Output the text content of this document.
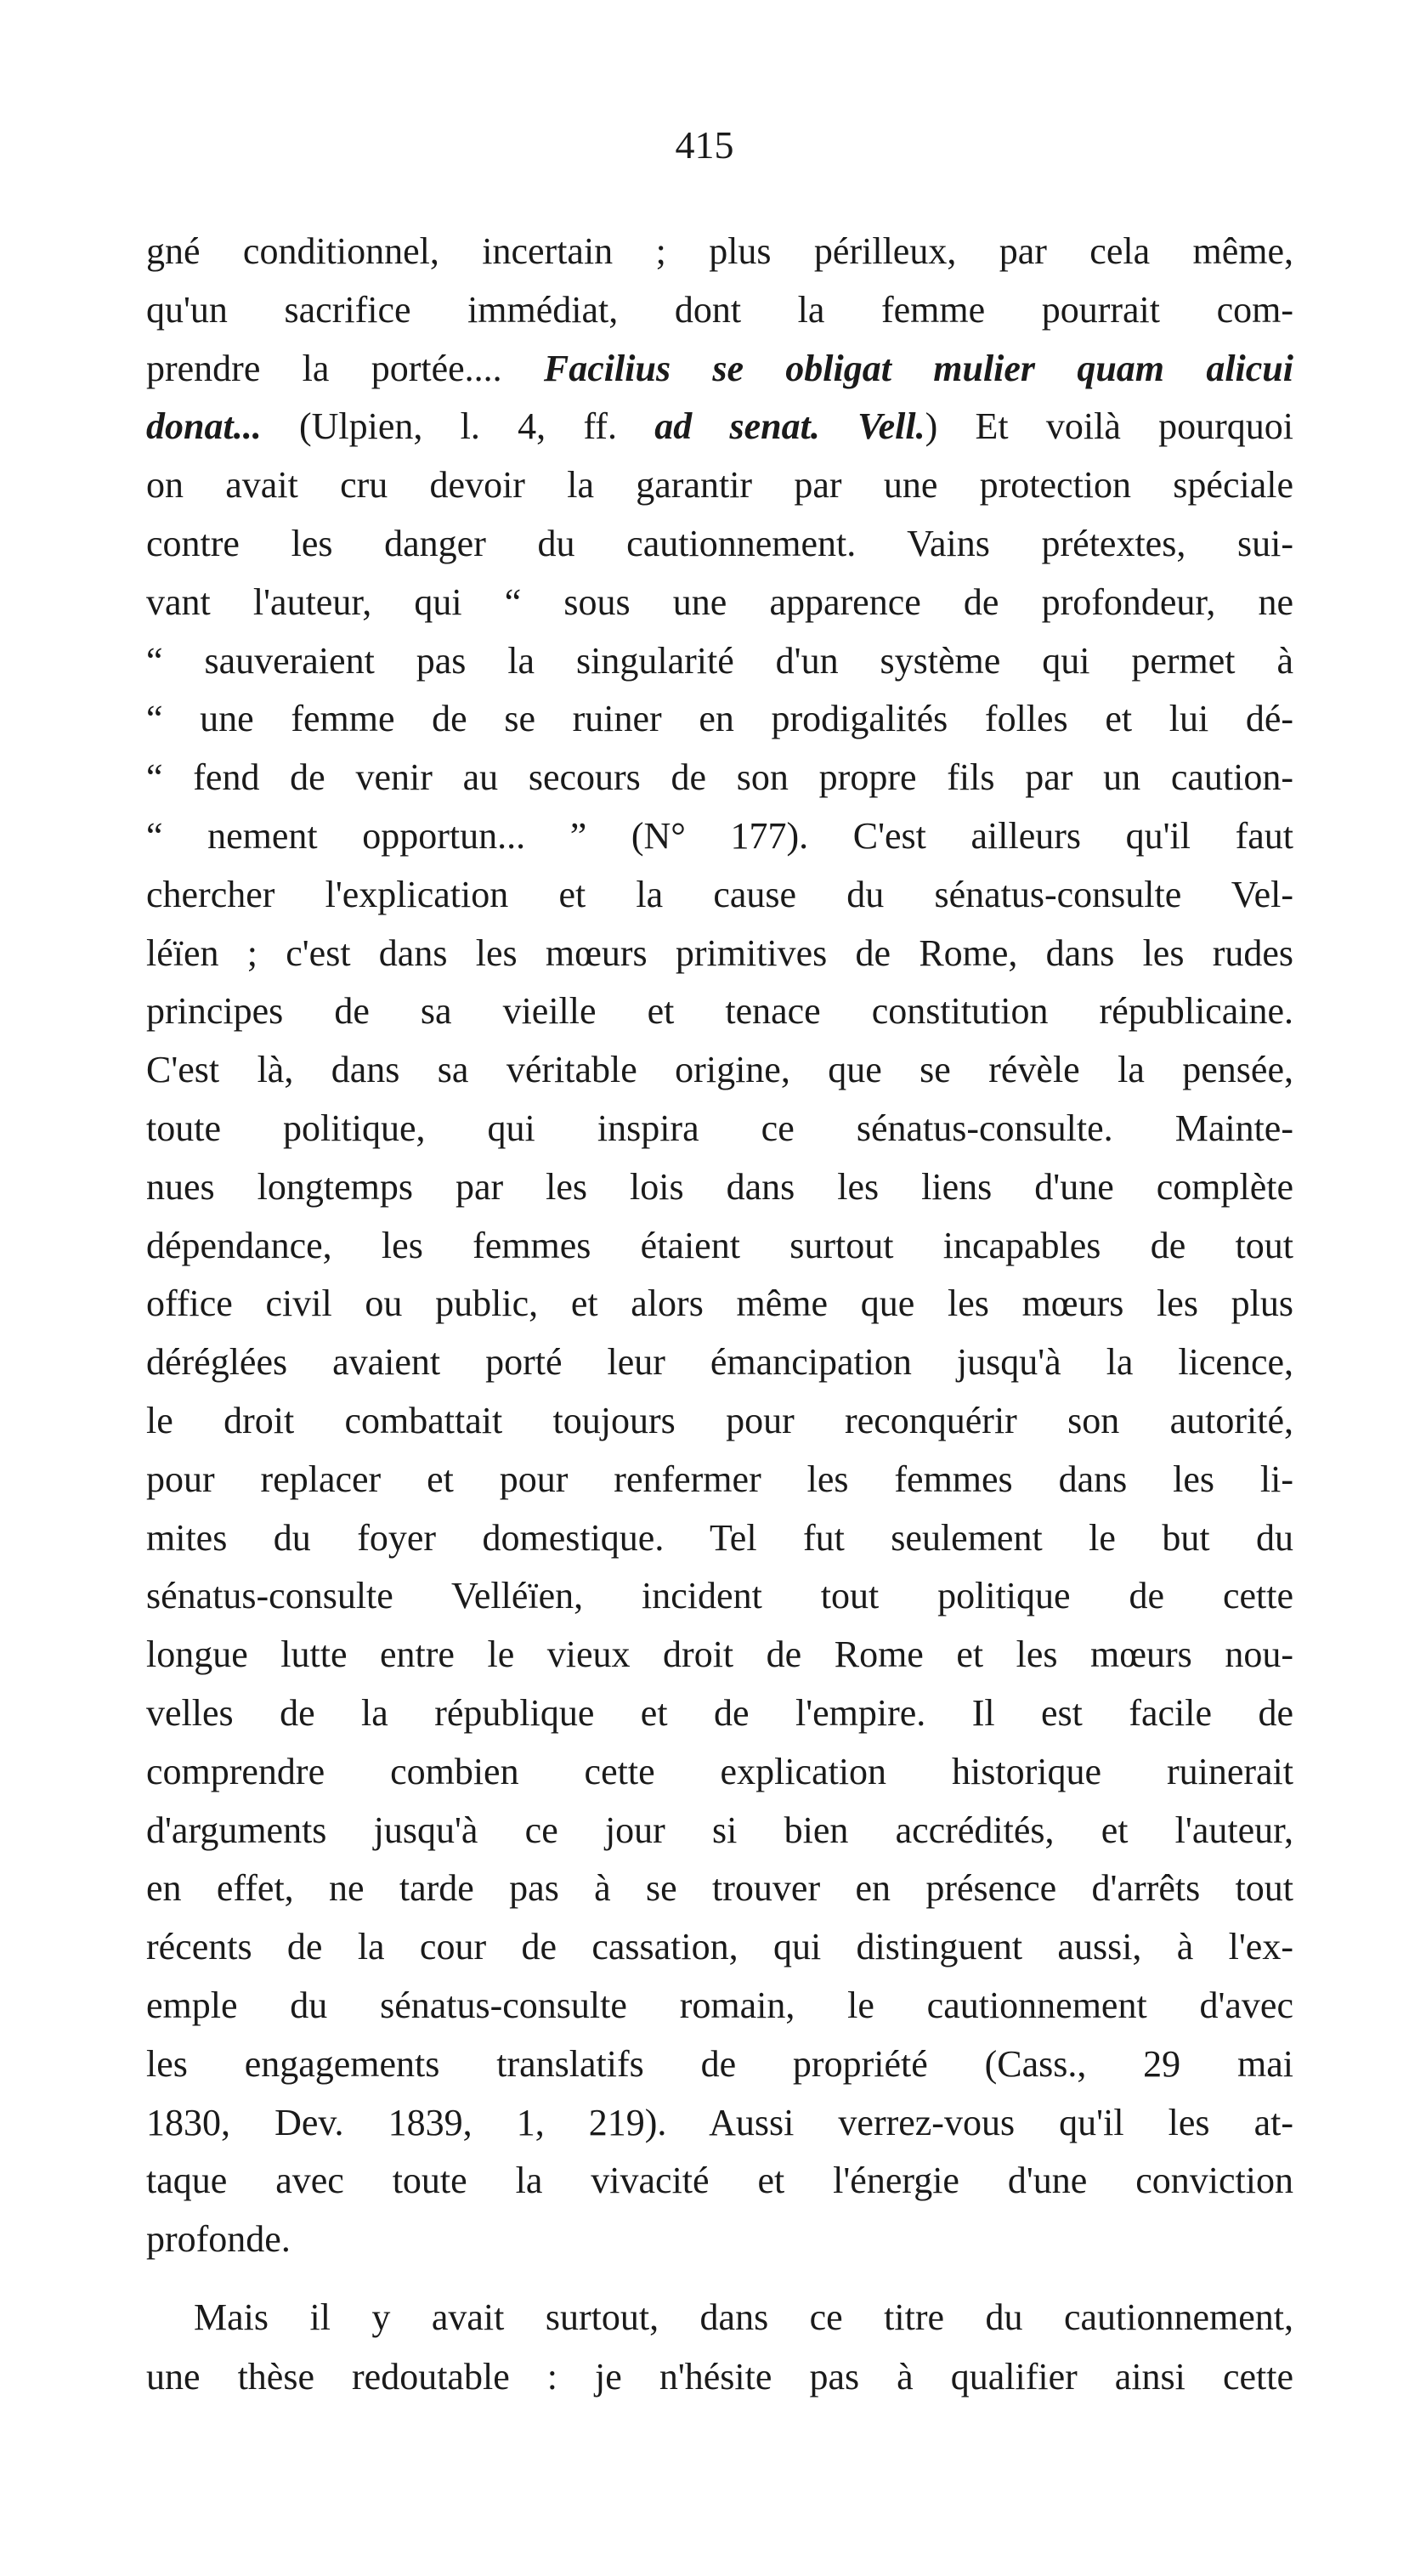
415
gné conditionnel, incertain ; plus périlleux, par cela même,
qu'un sacrifice immédiat, dont la femme pourrait com-
prendre la portée.... Facilius se obligat mulier quam alicui
donat... (Ulpien, l. 4, ff. ad senat. Vell.) Et voilà pourquoi
on avait cru devoir la garantir par une protection spéciale
contre les danger du cautionnement. Vains prétextes, sui-
vant l'auteur, qui “ sous une apparence de profondeur, ne
“ sauveraient pas la singularité d'un système qui permet à
“ une femme de se ruiner en prodigalités folles et lui dé-
“ fend de venir au secours de son propre fils par un caution-
“ nement opportun... ” (N° 177). C'est ailleurs qu'il faut
chercher l'explication et la cause du sénatus-consulte Vel-
léïen ; c'est dans les mœurs primitives de Rome, dans les rudes
principes de sa vieille et tenace constitution républicaine.
C'est là, dans sa véritable origine, que se révèle la pensée,
toute politique, qui inspira ce sénatus-consulte. Mainte-
nues longtemps par les lois dans les liens d'une complète
dépendance, les femmes étaient surtout incapables de tout
office civil ou public, et alors même que les mœurs les plus
déréglées avaient porté leur émancipation jusqu'à la licence,
le droit combattait toujours pour reconquérir son autorité,
pour replacer et pour renfermer les femmes dans les li-
mites du foyer domestique. Tel fut seulement le but du
sénatus-consulte Velléïen, incident tout politique de cette
longue lutte entre le vieux droit de Rome et les mœurs nou-
velles de la république et de l'empire. Il est facile de
comprendre combien cette explication historique ruinerait
d'arguments jusqu'à ce jour si bien accrédités, et l'auteur,
en effet, ne tarde pas à se trouver en présence d'arrêts tout
récents de la cour de cassation, qui distinguent aussi, à l'ex-
emple du sénatus-consulte romain, le cautionnement d'avec
les engagements translatifs de propriété (Cass., 29 mai
1830, Dev. 1839, 1, 219). Aussi verrez-vous qu'il les at-
taque avec toute la vivacité et l'énergie d'une conviction
profonde.
Mais il y avait surtout, dans ce titre du cautionnement,
une thèse redoutable : je n'hésite pas à qualifier ainsi cette
